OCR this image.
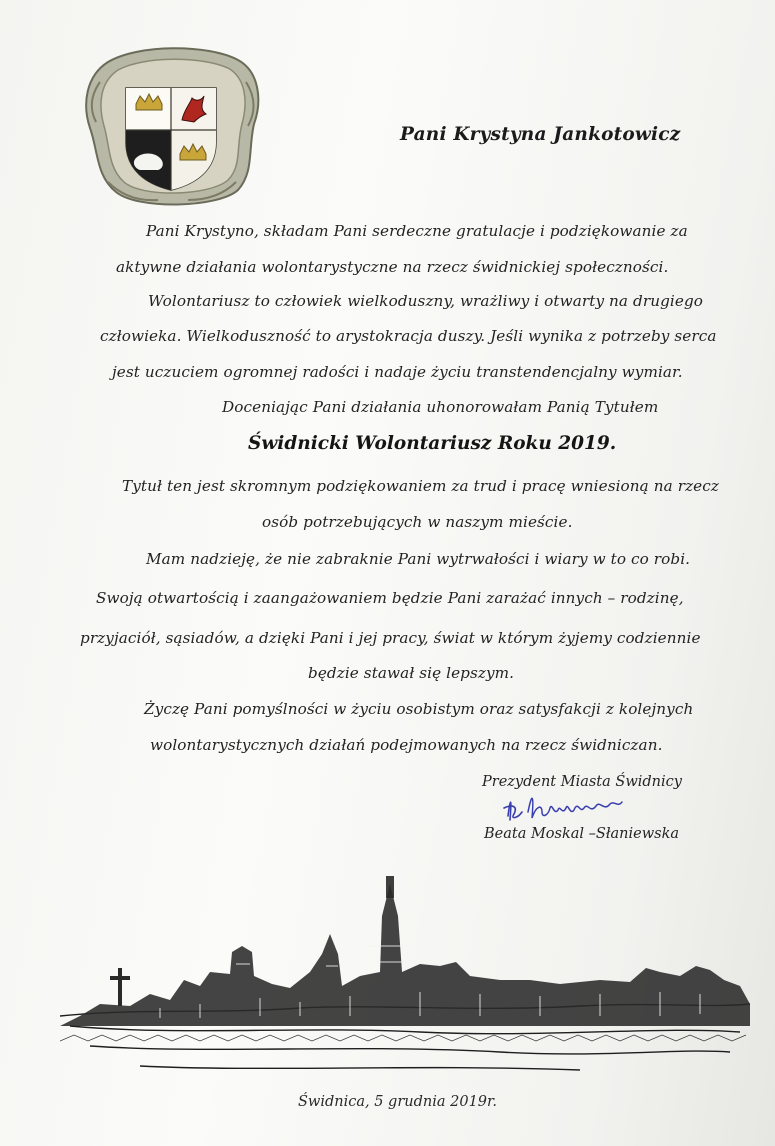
Pani Krystyna Jankotowicz
Pani Krystyno, składam Pani serdeczne gratulacje i podziękowanie za
aktywne działania wolontarystyczne na rzecz świdnickiej społeczności.
Wolontariusz to człowiek wielkoduszny, wrażliwy i otwarty na drugiego
człowieka. Wielkoduszność to arystokracja duszy. Jeśli wynika z potrzeby serca
jest uczuciem ogromnej radości i nadaje życiu transtendencjalny wymiar.
Doceniając Pani działania uhonorowałam Panią Tytułem
Świdnicki Wolontariusz Roku 2019.
Tytuł ten jest skromnym podziękowaniem za trud i pracę wniesioną na rzecz
osób potrzebujących w naszym mieście.
Mam nadzieję, że nie zabraknie Pani wytrwałości i wiary w to co robi.
Swoją otwartością i zaangażowaniem będzie Pani zarażać innych – rodzinę,
przyjaciół, sąsiadów, a dzięki Pani i jej pracy, świat w którym żyjemy codziennie
będzie stawał się lepszym.
Życzę Pani pomyślności w życiu osobistym oraz satysfakcji z kolejnych
wolontarystycznych działań podejmowanych na rzecz świdniczan.
Prezydent Miasta Świdnicy
Beata Moskal –Słaniewska
Świdnica, 5 grudnia 2019r.
